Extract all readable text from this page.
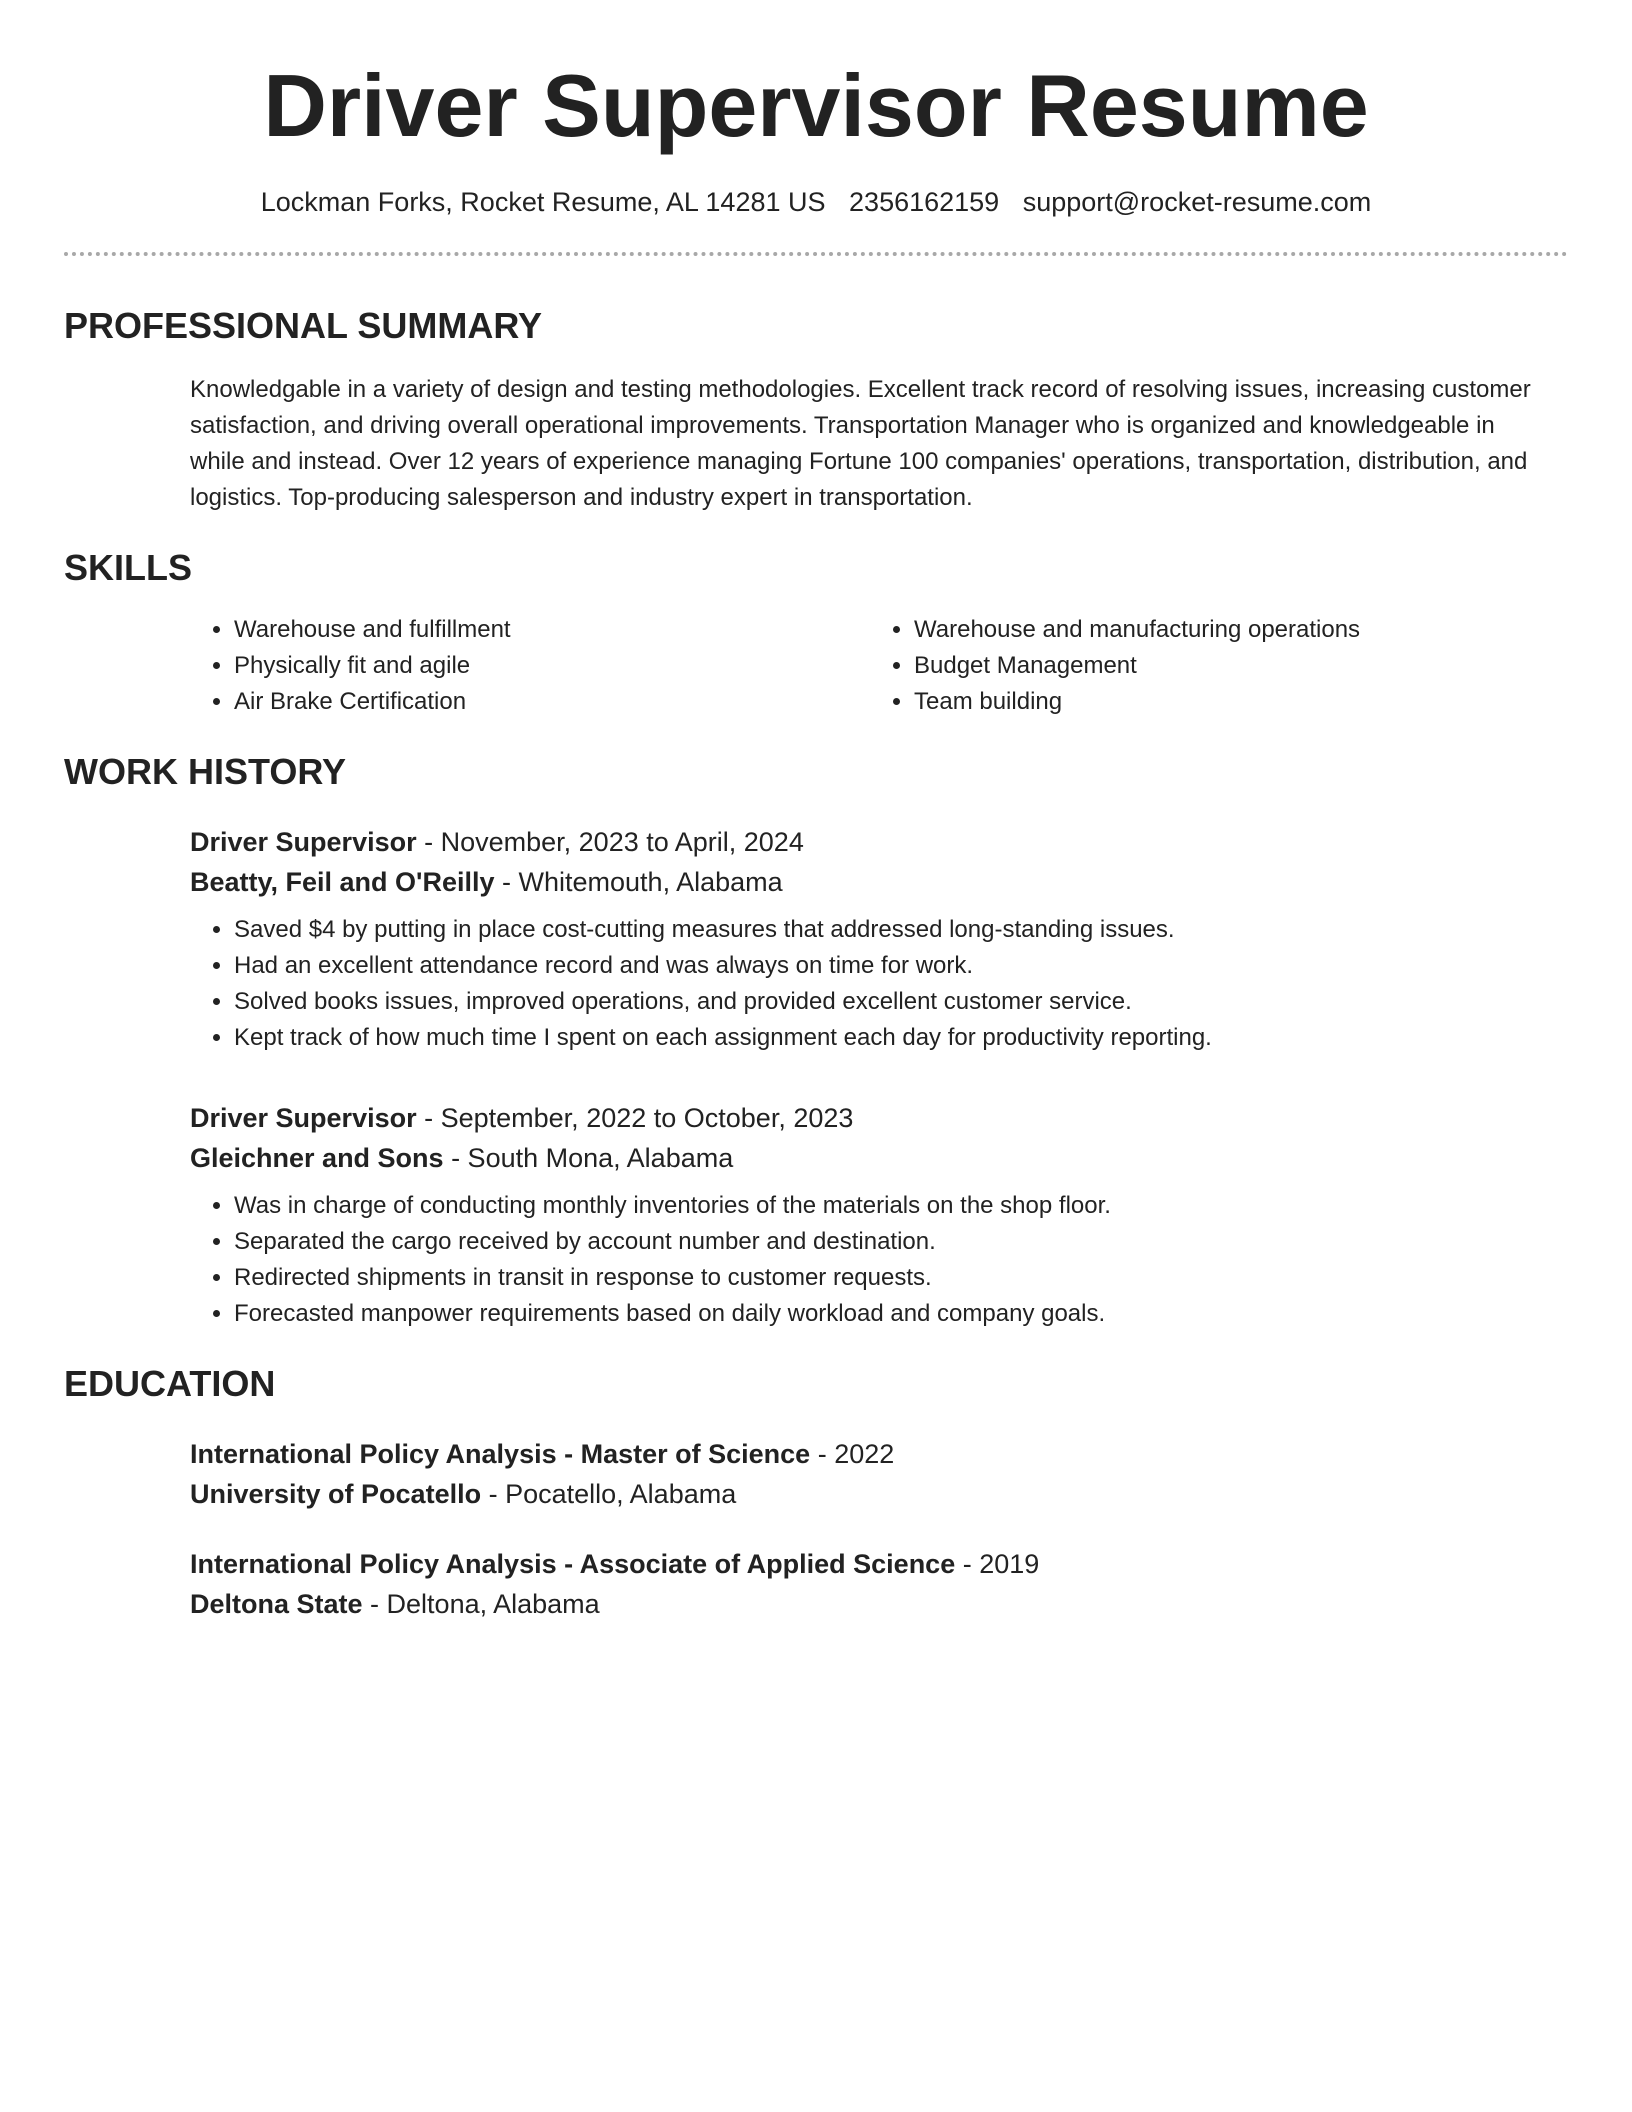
Driver Supervisor Resume
Lockman Forks, Rocket Resume, AL 14281 US 2356162159 support@rocket-resume.com
PROFESSIONAL SUMMARY
Knowledgable in a variety of design and testing methodologies. Excellent track record of resolving issues, increasing customer satisfaction, and driving overall operational improvements. Transportation Manager who is organized and knowledgeable in while and instead. Over 12 years of experience managing Fortune 100 companies' operations, transportation, distribution, and logistics. Top-producing salesperson and industry expert in transportation.
SKILLS
• Warehouse and fulfillment
• Physically fit and agile
• Air Brake Certification
• Warehouse and manufacturing operations
• Budget Management
• Team building
WORK HISTORY
Driver Supervisor - November, 2023 to April, 2024
Beatty, Feil and O'Reilly - Whitemouth, Alabama
• Saved $4 by putting in place cost-cutting measures that addressed long-standing issues.
• Had an excellent attendance record and was always on time for work.
• Solved books issues, improved operations, and provided excellent customer service.
• Kept track of how much time I spent on each assignment each day for productivity reporting.
Driver Supervisor - September, 2022 to October, 2023
Gleichner and Sons - South Mona, Alabama
• Was in charge of conducting monthly inventories of the materials on the shop floor.
• Separated the cargo received by account number and destination.
• Redirected shipments in transit in response to customer requests.
• Forecasted manpower requirements based on daily workload and company goals.
EDUCATION
International Policy Analysis - Master of Science - 2022
University of Pocatello - Pocatello, Alabama
International Policy Analysis - Associate of Applied Science - 2019
Deltona State - Deltona, Alabama
